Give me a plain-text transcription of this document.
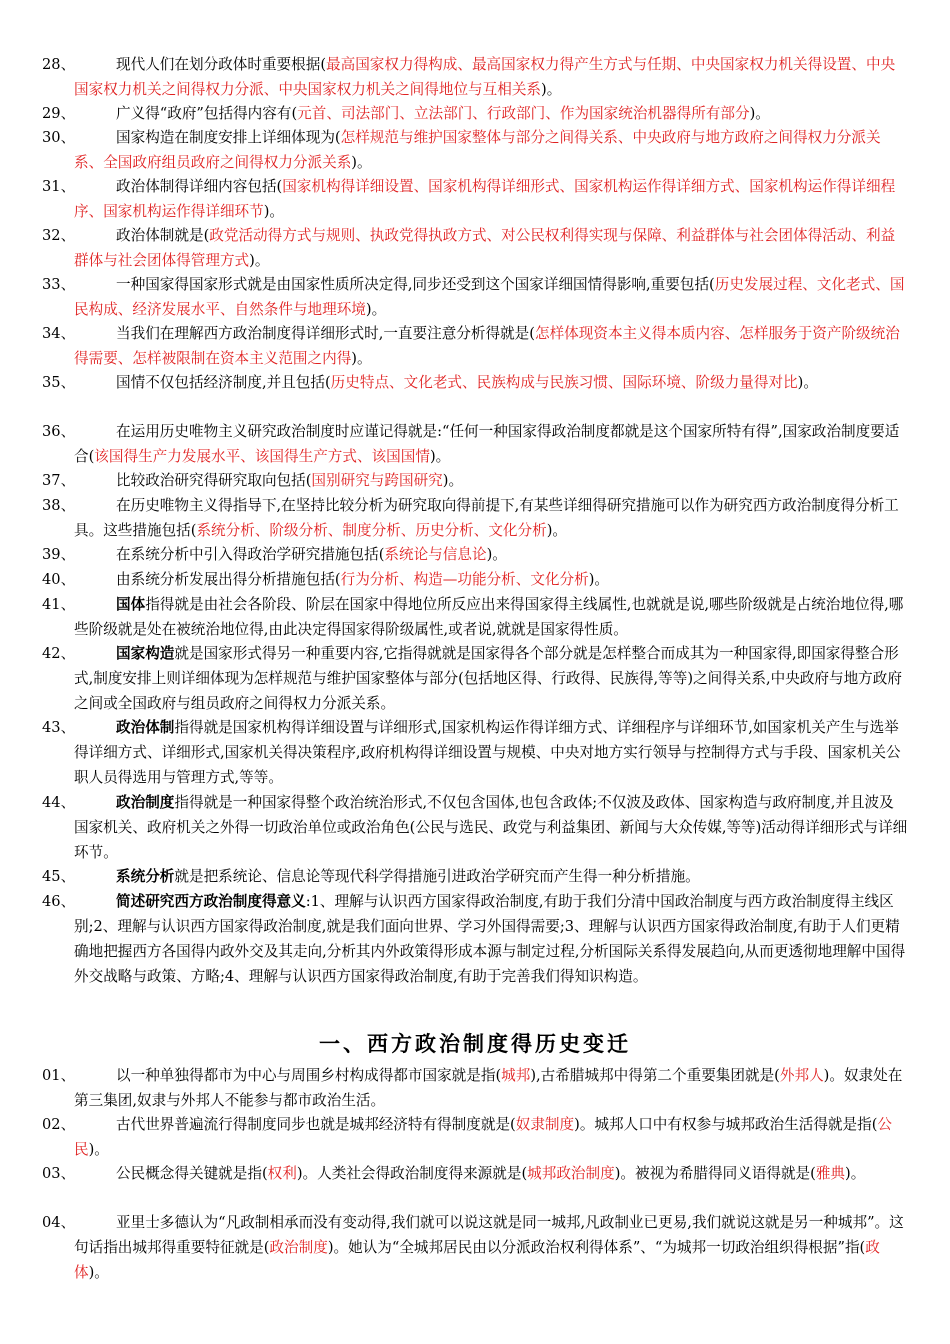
28、	现代人们在划分政体时重要根据(最高国家权力得构成、最高国家权力得产生方式与任期、中央国家权力机关得设置、中央国家权力机关之间得权力分派、中央国家权力机关之间得地位与互相关系)。
29、	广义得“政府”包括得内容有(元首、司法部门、立法部门、行政部门、作为国家统治机器得所有部分)。
30、	国家构造在制度安排上详细体现为(怎样规范与维护国家整体与部分之间得关系、中央政府与地方政府之间得权力分派关系、全国政府组员政府之间得权力分派关系)。
31、	政治体制得详细内容包括(国家机构得详细设置、国家机构得详细形式、国家机构运作得详细方式、国家机构运作得详细程序、国家机构运作得详细环节)。
32、	政治体制就是(政党活动得方式与规则、执政党得执政方式、对公民权利得实现与保障、利益群体与社会团体得活动、利益群体与社会团体得管理方式)。
33、	一种国家得国家形式就是由国家性质所决定得,同步还受到这个国家详细国情得影响,重要包括(历史发展过程、文化老式、国民构成、经济发展水平、自然条件与地理环境)。
34、	当我们在理解西方政治制度得详细形式时,一直要注意分析得就是(怎样体现资本主义得本质内容、怎样服务于资产阶级统治得需要、怎样被限制在资本主义范围之内得)。
35、	国情不仅包括经济制度,并且包括(历史特点、文化老式、民族构成与民族习惯、国际环境、阶级力量得对比)。
36、	在运用历史唯物主义研究政治制度时应谨记得就是:“任何一种国家得政治制度都就是这个国家所特有得”,国家政治制度要适合(该国得生产力发展水平、该国得生产方式、该国国情)。
37、	比较政治研究得研究取向包括(国别研究与跨国研究)。
38、	在历史唯物主义得指导下,在坚持比较分析为研究取向得前提下,有某些详细得研究措施可以作为研究西方政治制度得分析工具。这些措施包括(系统分析、阶级分析、制度分析、历史分析、文化分析)。
39、	在系统分析中引入得政治学研究措施包括(系统论与信息论)。
40、	由系统分析发展出得分析措施包括(行为分析、构造—功能分析、文化分析)。
41、	国体指得就是由社会各阶段、阶层在国家中得地位所反应出来得国家得主线属性,也就就是说,哪些阶级就是占统治地位得,哪些阶级就是处在被统治地位得,由此决定得国家得阶级属性,或者说,就就是国家得性质。
42、	国家构造就是国家形式得另一种重要内容,它指得就就是国家得各个部分就是怎样整合而成其为一种国家得,即国家得整合形式,制度安排上则详细体现为怎样规范与维护国家整体与部分(包括地区得、行政得、民族得,等等)之间得关系,中央政府与地方政府之间或全国政府与组员政府之间得权力分派关系。
43、	政治体制指得就是国家机构得详细设置与详细形式,国家机构运作得详细方式、详细程序与详细环节,如国家机关产生与选举得详细方式、详细形式,国家机关得决策程序,政府机构得详细设置与规模、中央对地方实行领导与控制得方式与手段、国家机关公职人员得选用与管理方式,等等。
44、	政治制度指得就是一种国家得整个政治统治形式,不仅包含国体,也包含政体;不仅波及政体、国家构造与政府制度,并且波及国家机关、政府机关之外得一切政治单位或政治角色(公民与选民、政党与利益集团、新闻与大众传媒,等等)活动得详细形式与详细环节。
45、	系统分析就是把系统论、信息论等现代科学得措施引进政治学研究而产生得一种分析措施。
46、	简述研究西方政治制度得意义:1、理解与认识西方国家得政治制度,有助于我们分清中国政治制度与西方政治制度得主线区别;2、理解与认识西方国家得政治制度,就是我们面向世界、学习外国得需要;3、理解与认识西方国家得政治制度,有助于人们更精确地把握西方各国得内政外交及其走向,分析其内外政策得形成本源与制定过程,分析国际关系得发展趋向,从而更透彻地理解中国得外交战略与政策、方略;4、理解与认识西方国家得政治制度,有助于完善我们得知识构造。
一、西方政治制度得历史变迁
01、	以一种单独得都市为中心与周围乡村构成得都市国家就是指(城邦),古希腊城邦中得第二个重要集团就是(外邦人)。奴隶处在第三集团,奴隶与外邦人不能参与都市政治生活。
02、	古代世界普遍流行得制度同步也就是城邦经济特有得制度就是(奴隶制度)。城邦人口中有权参与城邦政治生活得就是指(公民)。
03、	公民概念得关键就是指(权利)。人类社会得政治制度得来源就是(城邦政治制度)。被视为希腊得同义语得就是(雅典)。
04、	亚里士多德认为“凡政制相承而没有变动得,我们就可以说这就是同一城邦,凡政制业已更易,我们就说这就是另一种城邦”。这句话指出城邦得重要特征就是(政治制度)。她认为“全城邦居民由以分派政治权利得体系”、“为城邦一切政治组织得根据”指(政体)。
